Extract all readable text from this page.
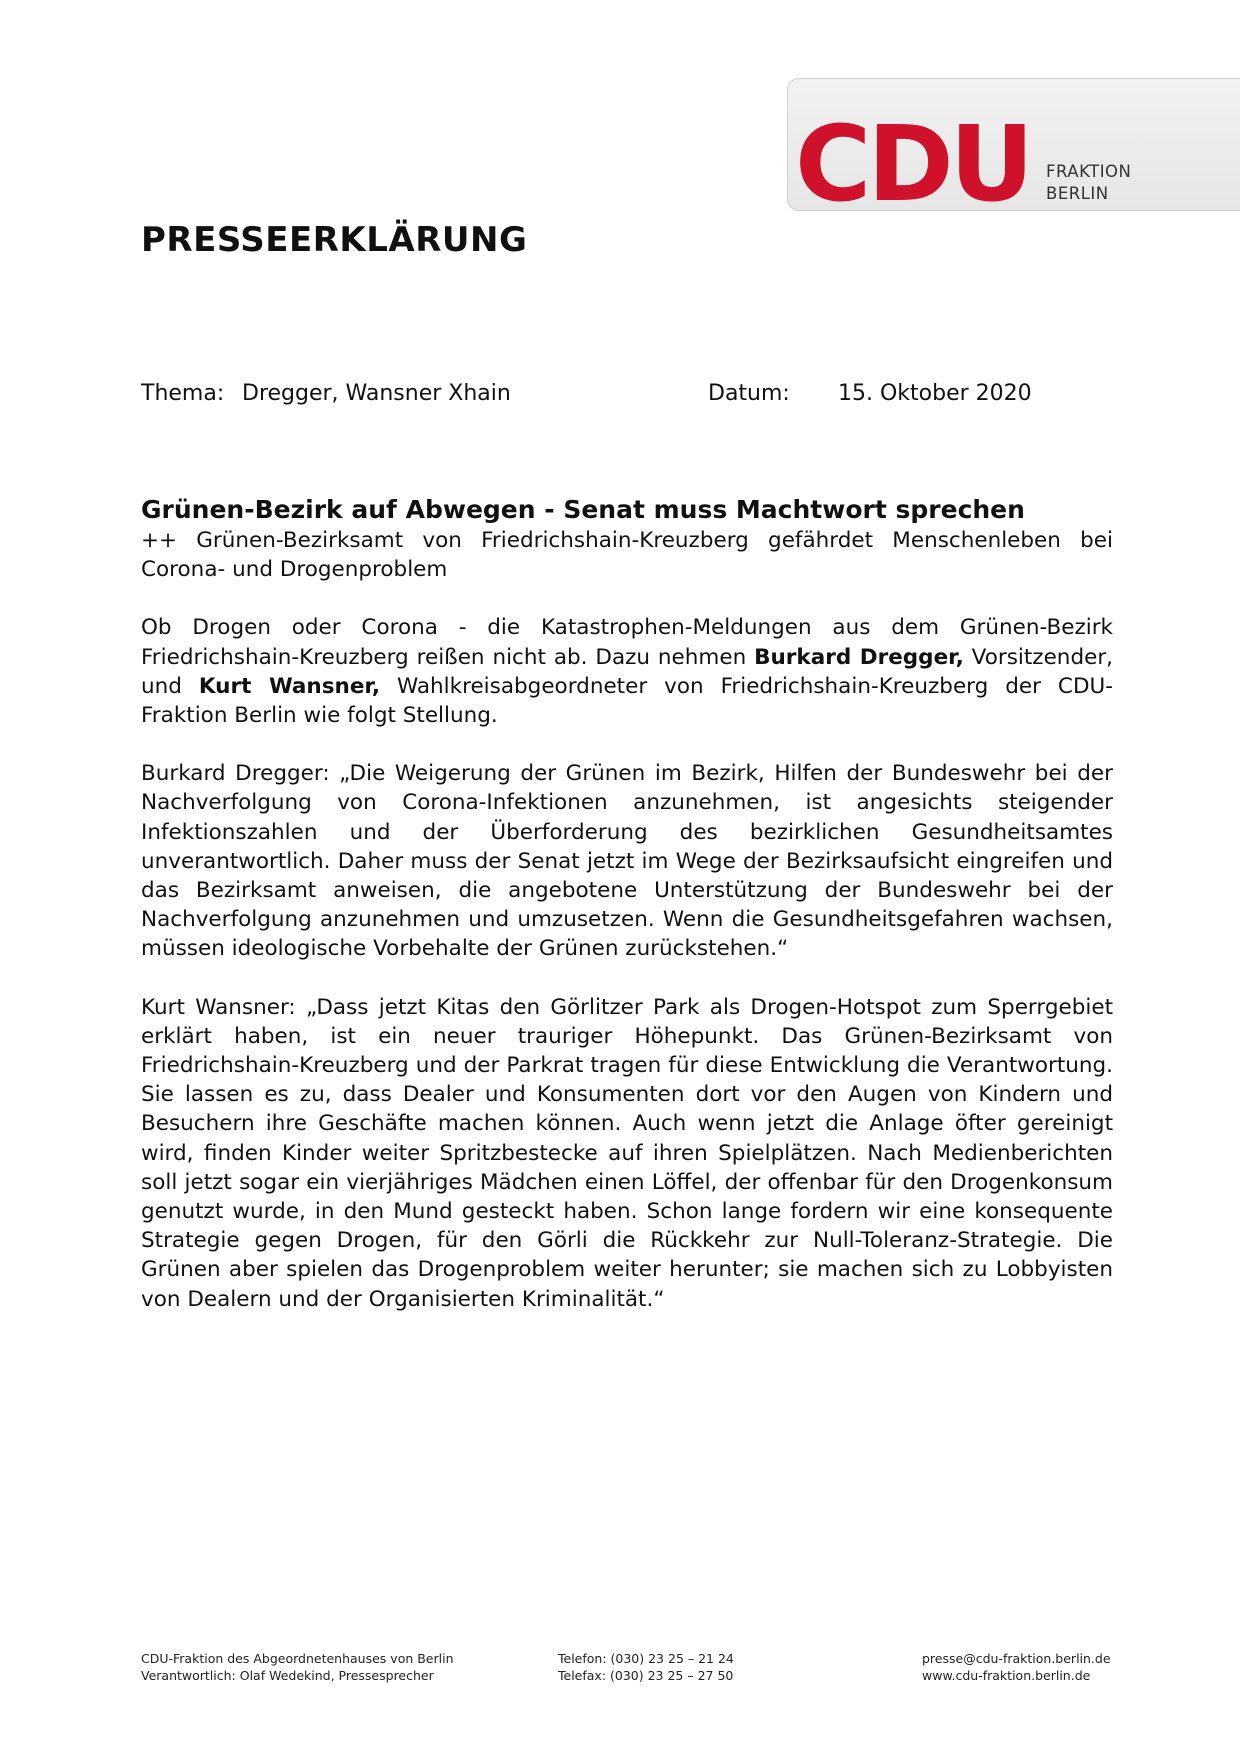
CDU FRAKTION
BERLIN
PRESSEERKLÄRUNG
Thema: Dregger, Wansner Xhain	Datum: 15. Oktober 2020
Grünen-Bezirk auf Abwegen - Senat muss Machtwort sprechen

++ Grünen-Bezirksamt von Friedrichshain-Kreuzberg gefährdet Menschenleben bei Corona- und Drogenproblem

Ob Drogen oder Corona - die Katastrophen-Meldungen aus dem Grünen-Bezirk Friedrichshain-Kreuzberg reißen nicht ab. Dazu nehmen Burkard Dregger, Vorsitzender, und Kurt Wansner, Wahlkreisabgeordneter von Friedrichshain-Kreuzberg der CDU-Fraktion Berlin wie folgt Stellung.

Burkard Dregger: „Die Weigerung der Grünen im Bezirk, Hilfen der Bundeswehr bei der Nachverfolgung von Corona-Infektionen anzunehmen, ist angesichts steigender Infektionszahlen und der Überforderung des bezirklichen Gesundheitsamtes unverantwortlich. Daher muss der Senat jetzt im Wege der Bezirksaufsicht eingreifen und das Bezirksamt anweisen, die angebotene Unterstützung der Bundeswehr bei der Nachverfolgung anzunehmen und umzusetzen. Wenn die Gesundheitsgefahren wachsen, müssen ideologische Vorbehalte der Grünen zurückstehen.“

Kurt Wansner: „Dass jetzt Kitas den Görlitzer Park als Drogen-Hotspot zum Sperrgebiet erklärt haben, ist ein neuer trauriger Höhepunkt. Das Grünen-Bezirksamt von Friedrichshain-Kreuzberg und der Parkrat tragen für diese Entwicklung die Verantwortung. Sie lassen es zu, dass Dealer und Konsumenten dort vor den Augen von Kindern und Besuchern ihre Geschäfte machen können. Auch wenn jetzt die Anlage öfter gereinigt wird, finden Kinder weiter Spritzbestecke auf ihren Spielplätzen. Nach Medienberichten soll jetzt sogar ein vierjähriges Mädchen einen Löffel, der offenbar für den Drogenkonsum genutzt wurde, in den Mund gesteckt haben. Schon lange fordern wir eine konsequente Strategie gegen Drogen, für den Görli die Rückkehr zur Null-Toleranz-Strategie. Die Grünen aber spielen das Drogenproblem weiter herunter; sie machen sich zu Lobbyisten von Dealern und der Organisierten Kriminalität.“

CDU-Fraktion des Abgeordnetenhauses von Berlin
Verantwortlich: Olaf Wedekind, Pressesprecher
Telefon: (030) 23 25 – 21 24
Telefax: (030) 23 25 – 27 50
presse@cdu-fraktion.berlin.de
www.cdu-fraktion.berlin.de
